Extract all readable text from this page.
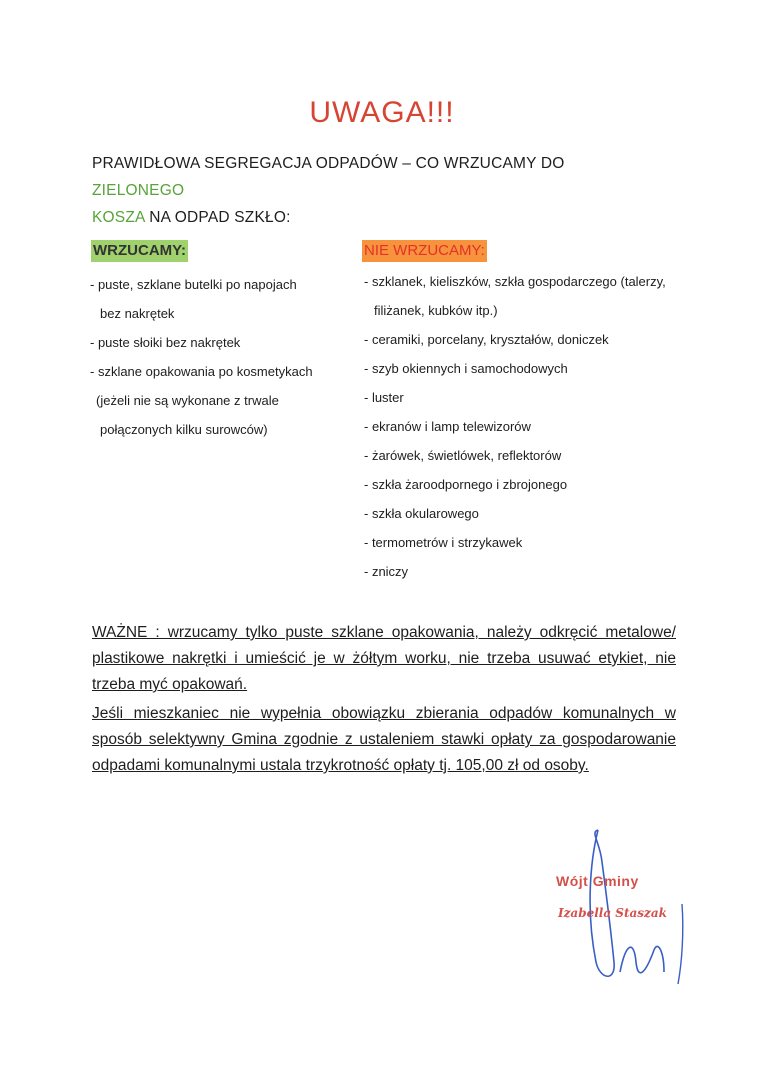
UWAGA!!!
PRAWIDŁOWA SEGREGACJA ODPADÓW – CO WRZUCAMY DO ZIELONEGO
KOSZA NA ODPAD SZKŁO:
WRZUCAMY:
- puste, szklane butelki po napojach
bez nakrętek
- puste słoiki bez nakrętek
- szklane opakowania po kosmetykach
(jeżeli nie są wykonane z trwale
połączonych kilku surowców)
NIE WRZUCAMY:
- szklanek, kieliszków, szkła gospodarczego (talerzy,
filiżanek, kubków itp.)
- ceramiki, porcelany, kryształów, doniczek
- szyb okiennych i samochodowych
- luster
- ekranów i lamp telewizorów
- żarówek, świetlówek, reflektorów
- szkła żaroodpornego i zbrojonego
- szkła okularowego
- termometrów i strzykawek
- zniczy

WAŻNE : wrzucamy tylko puste szklane opakowania, należy odkręcić metalowe/ plastikowe nakrętki i umieścić je w żółtym worku, nie trzeba usuwać etykiet, nie trzeba myć opakowań.

Jeśli mieszkaniec nie wypełnia obowiązku zbierania odpadów komunalnych w sposób selektywny Gmina zgodnie z ustaleniem stawki opłaty za gospodarowanie odpadami komunalnymi ustala trzykrotność opłaty tj. 105,00 zł od osoby.

Wójt Gminy
Izabella Staszak
